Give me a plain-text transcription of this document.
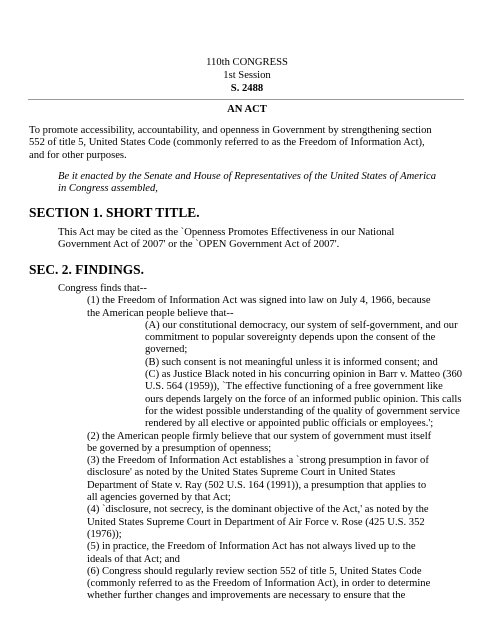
110th CONGRESS
1st Session
S. 2488
AN ACT
To promote accessibility, accountability, and openness in Government by strengthening section
552 of title 5, United States Code (commonly referred to as the Freedom of Information Act),
and for other purposes.
Be it enacted by the Senate and House of Representatives of the United States of America
in Congress assembled,
SECTION 1. SHORT TITLE.
This Act may be cited as the `Openness Promotes Effectiveness in our National
Government Act of 2007' or the `OPEN Government Act of 2007'.
SEC. 2. FINDINGS.
Congress finds that--
(1) the Freedom of Information Act was signed into law on July 4, 1966, because
the American people believe that--
(A) our constitutional democracy, our system of self-government, and our
commitment to popular sovereignty depends upon the consent of the
governed;
(B) such consent is not meaningful unless it is informed consent; and
(C) as Justice Black noted in his concurring opinion in Barr v. Matteo (360
U.S. 564 (1959)), `The effective functioning of a free government like
ours depends largely on the force of an informed public opinion. This calls
for the widest possible understanding of the quality of government service
rendered by all elective or appointed public officials or employees.';
(2) the American people firmly believe that our system of government must itself
be governed by a presumption of openness;
(3) the Freedom of Information Act establishes a `strong presumption in favor of
disclosure' as noted by the United States Supreme Court in United States
Department of State v. Ray (502 U.S. 164 (1991)), a presumption that applies to
all agencies governed by that Act;
(4) `disclosure, not secrecy, is the dominant objective of the Act,' as noted by the
United States Supreme Court in Department of Air Force v. Rose (425 U.S. 352
(1976));
(5) in practice, the Freedom of Information Act has not always lived up to the
ideals of that Act; and
(6) Congress should regularly review section 552 of title 5, United States Code
(commonly referred to as the Freedom of Information Act), in order to determine
whether further changes and improvements are necessary to ensure that the
